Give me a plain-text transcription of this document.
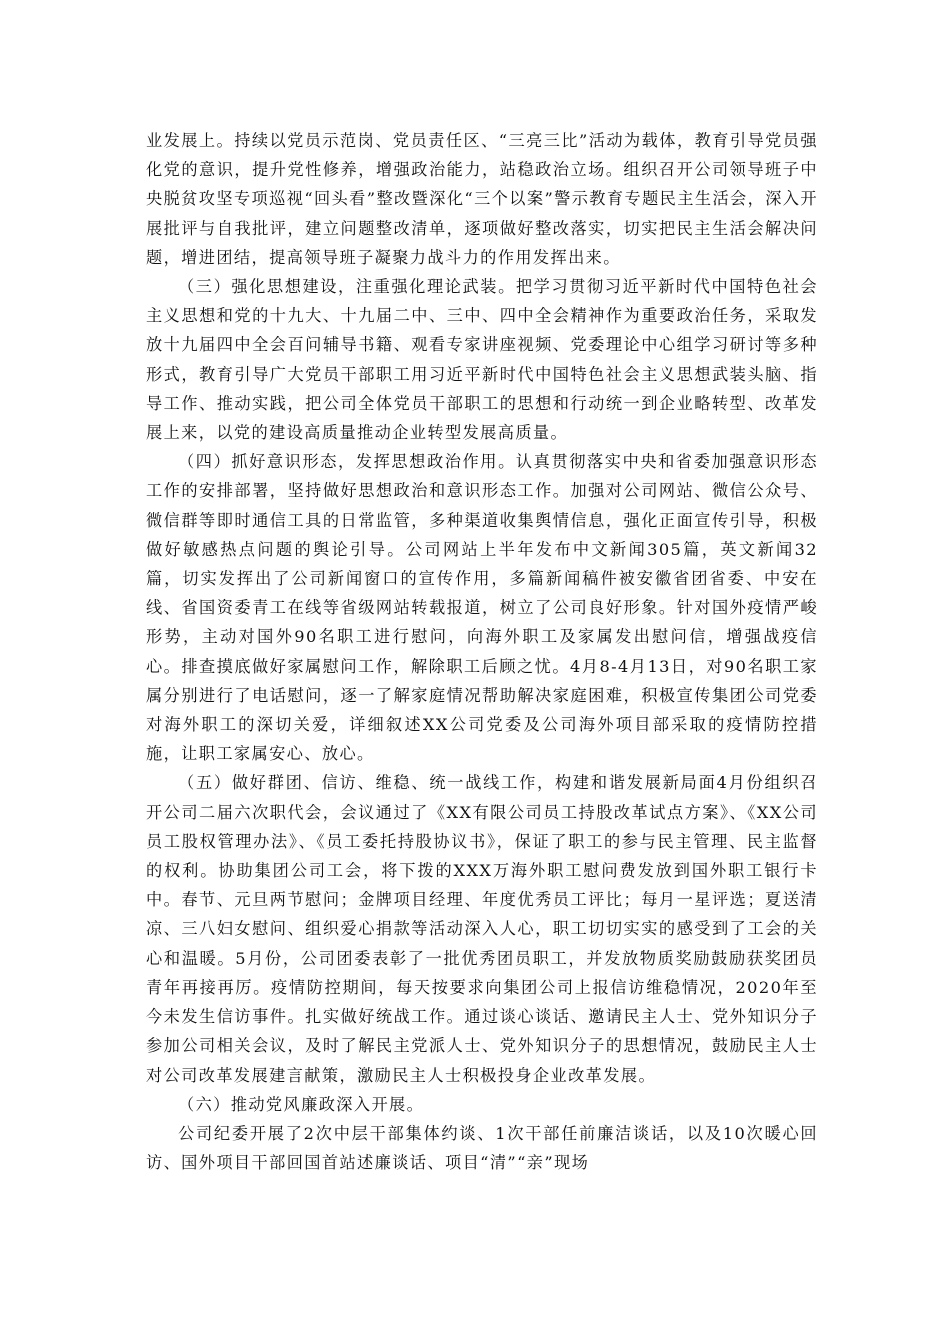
业发展上。持续以党员示范岗、党员责任区、“三亮三比”活动为载体，教育引导党员强化党的意识，提升党性修养，增强政治能力，站稳政治立场。组织召开公司领导班子中央脱贫攻坚专项巡视“回头看”整改暨深化“三个以案”警示教育专题民主生活会，深入开展批评与自我批评，建立问题整改清单，逐项做好整改落实，切实把民主生活会解决问题，增进团结，提高领导班子凝聚力战斗力的作用发挥出来。

（三）强化思想建设，注重强化理论武装。把学习贯彻习近平新时代中国特色社会主义思想和党的十九大、十九届二中、三中、四中全会精神作为重要政治任务，采取发放十九届四中全会百问辅导书籍、观看专家讲座视频、党委理论中心组学习研讨等多种形式，教育引导广大党员干部职工用习近平新时代中国特色社会主义思想武装头脑、指导工作、推动实践，把公司全体党员干部职工的思想和行动统一到企业略转型、改革发展上来，以党的建设高质量推动企业转型发展高质量。

（四）抓好意识形态，发挥思想政治作用。认真贯彻落实中央和省委加强意识形态工作的安排部署，坚持做好思想政治和意识形态工作。加强对公司网站、微信公众号、微信群等即时通信工具的日常监管，多种渠道收集舆情信息，强化正面宣传引导，积极做好敏感热点问题的舆论引导。公司网站上半年发布中文新闻305篇，英文新闻32篇，切实发挥出了公司新闻窗口的宣传作用，多篇新闻稿件被安徽省团省委、中安在线、省国资委青工在线等省级网站转载报道，树立了公司良好形象。针对国外疫情严峻形势，主动对国外90名职工进行慰问，向海外职工及家属发出慰问信，增强战疫信心。排查摸底做好家属慰问工作，解除职工后顾之忧。4月8-4月13日，对90名职工家属分别进行了电话慰问，逐一了解家庭情况帮助解决家庭困难，积极宣传集团公司党委对海外职工的深切关爱，详细叙述XX公司党委及公司海外项目部采取的疫情防控措施，让职工家属安心、放心。

（五）做好群团、信访、维稳、统一战线工作，构建和谐发展新局面4月份组织召开公司二届六次职代会，会议通过了《XX有限公司员工持股改革试点方案》、《XX公司员工股权管理办法》、《员工委托持股协议书》，保证了职工的参与民主管理、民主监督的权利。协助集团公司工会，将下拨的XXX万海外职工慰问费发放到国外职工银行卡中。春节、元旦两节慰问；金牌项目经理、年度优秀员工评比；每月一星评选；夏送清凉、三八妇女慰问、组织爱心捐款等活动深入人心，职工切切实实的感受到了工会的关心和温暖。5月份，公司团委表彰了一批优秀团员职工，并发放物质奖励鼓励获奖团员青年再接再厉。疫情防控期间，每天按要求向集团公司上报信访维稳情况，2020年至今未发生信访事件。扎实做好统战工作。通过谈心谈话、邀请民主人士、党外知识分子参加公司相关会议，及时了解民主党派人士、党外知识分子的思想情况，鼓励民主人士对公司改革发展建言献策，激励民主人士积极投身企业改革发展。

（六）推动党风廉政深入开展。

公司纪委开展了2次中层干部集体约谈、1次干部任前廉洁谈话，以及10次暖心回访、国外项目干部回国首站述廉谈话、项目“清”“亲”现场
